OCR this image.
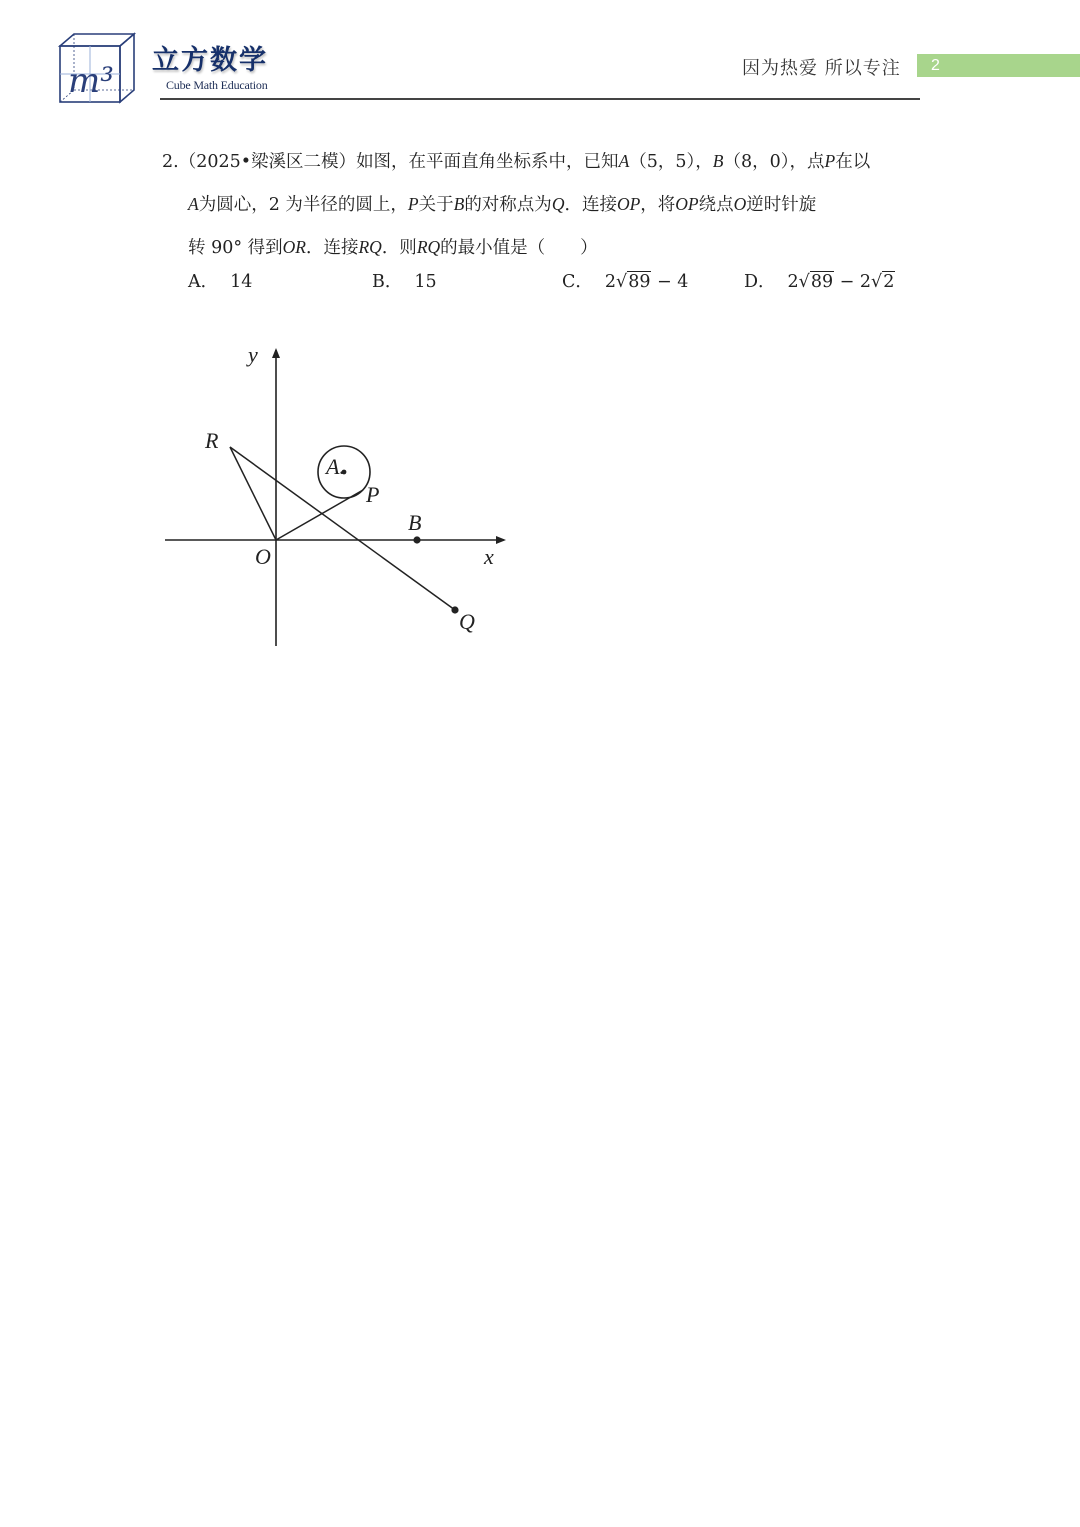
m³
立方数学
Cube Math Education
因为热爱 所以专注	2
2.（2025•梁溪区二模）如图，在平面直角坐标系中，已知A（5，5），B（8，0），点P在以
A为圆心，2 为半径的圆上，P关于B的对称点为Q．连接OP，将OP绕点O逆时针旋
转 90° 得到OR．连接RQ．则RQ的最小值是（　　）
A． 14	B． 15	C． 2√89 − 4	D． 2√89 − 2√2
y
x
O
R
A.
P
B
Q
